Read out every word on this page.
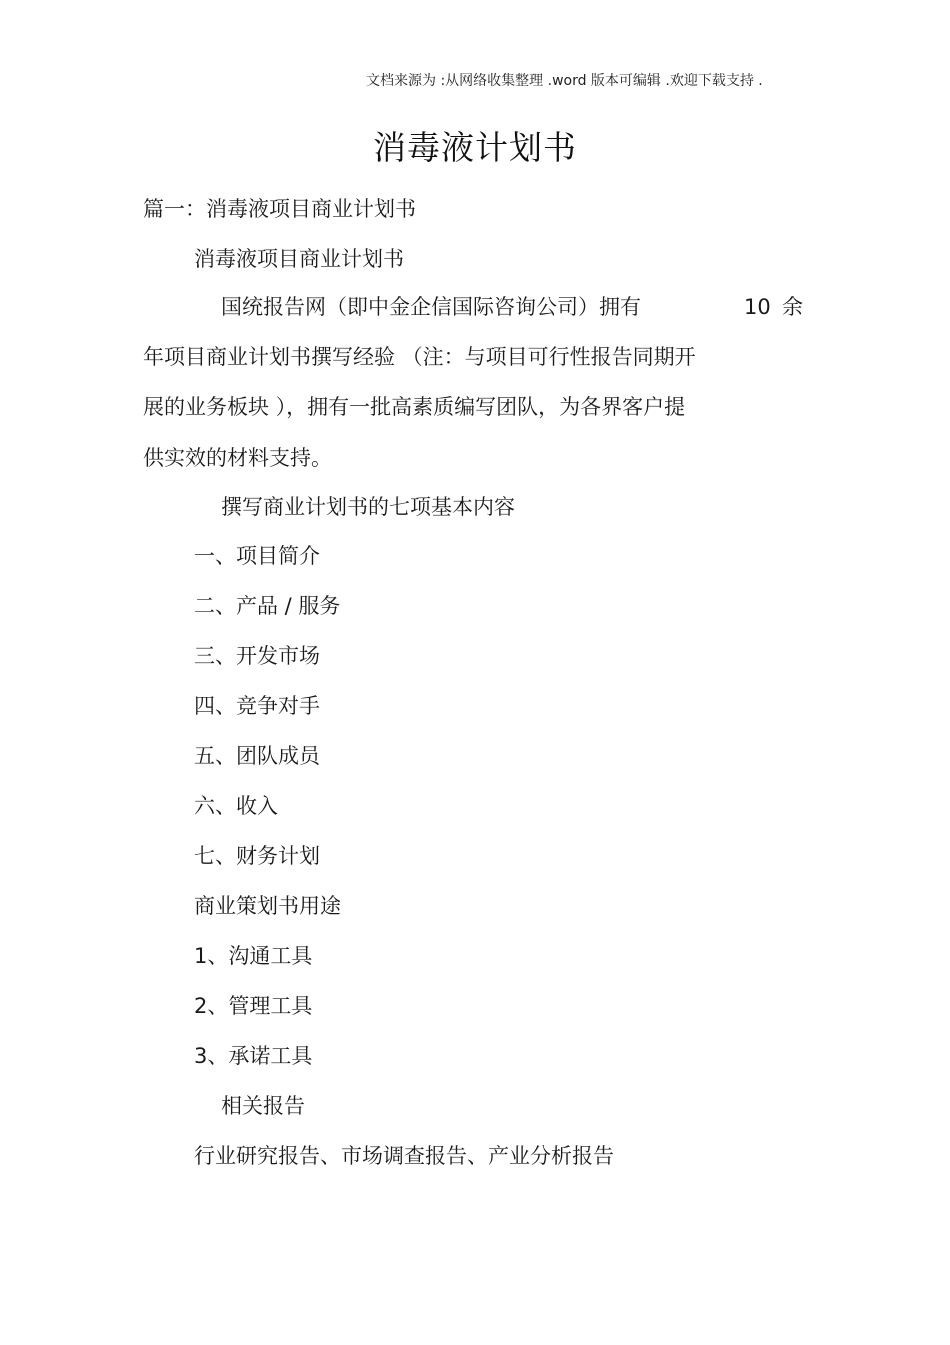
文档来源为 :从网络收集整理 .word 版本可编辑 .欢迎下载支持 .
消毒液计划书
篇一：消毒液项目商业计划书
消毒液项目商业计划书
国统报告网（即中金企信国际咨询公司）拥有	10 余
年项目商业计划书撰写经验 （注：与项目可行性报告同期开
展的业务板块 ），拥有一批高素质编写团队，为各界客户提
供实效的材料支持。
撰写商业计划书的七项基本内容
一、项目简介
二、产品 / 服务
三、开发市场
四、竞争对手
五、团队成员
六、收入
七、财务计划
商业策划书用途
1、沟通工具
2、管理工具
3、承诺工具
相关报告
行业研究报告、市场调查报告、产业分析报告
